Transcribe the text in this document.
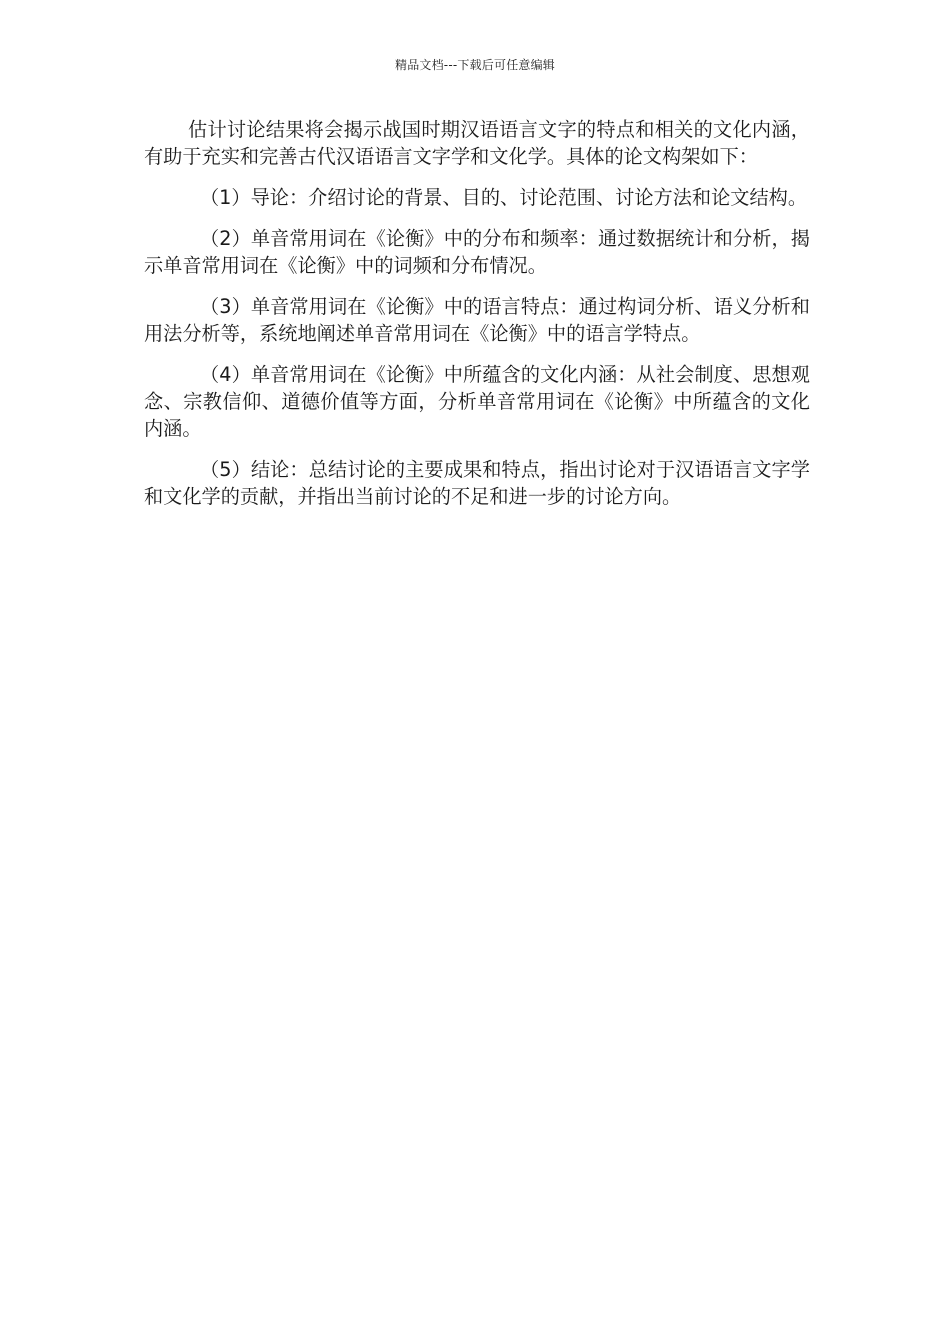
精品文档---下载后可任意编辑

估计讨论结果将会揭示战国时期汉语语言文字的特点和相关的文化内涵，有助于充实和完善古代汉语语言文字学和文化学。具体的论文构架如下：

（1）导论：介绍讨论的背景、目的、讨论范围、讨论方法和论文结构。

（2）单音常用词在《论衡》中的分布和频率：通过数据统计和分析，揭示单音常用词在《论衡》中的词频和分布情况。

（3）单音常用词在《论衡》中的语言特点：通过构词分析、语义分析和用法分析等，系统地阐述单音常用词在《论衡》中的语言学特点。

（4）单音常用词在《论衡》中所蕴含的文化内涵：从社会制度、思想观念、宗教信仰、道德价值等方面，分析单音常用词在《论衡》中所蕴含的文化内涵。

（5）结论：总结讨论的主要成果和特点，指出讨论对于汉语语言文字学和文化学的贡献，并指出当前讨论的不足和进一步的讨论方向。
